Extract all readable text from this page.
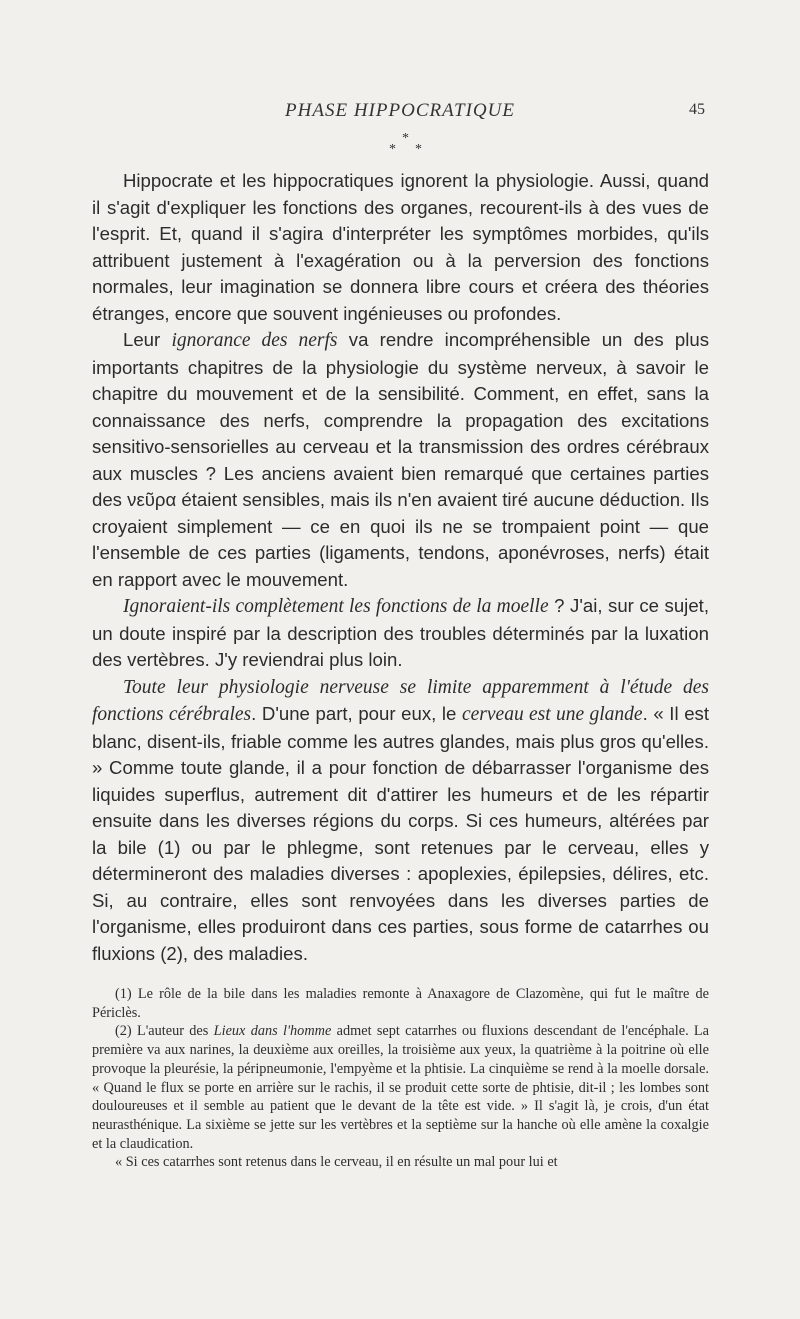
PHASE HIPPOCRATIQUE	45
*
* *

Hippocrate et les hippocratiques ignorent la physiologie. Aussi, quand il s'agit d'expliquer les fonctions des organes, recourent-ils à des vues de l'esprit. Et, quand il s'agira d'interpréter les symptômes morbides, qu'ils attribuent justement à l'exagération ou à la perversion des fonctions normales, leur imagination se donnera libre cours et créera des théories étranges, encore que souvent ingénieuses ou profondes.

Leur ignorance des nerfs va rendre incompréhensible un des plus importants chapitres de la physiologie du système nerveux, à savoir le chapitre du mouvement et de la sensibilité. Comment, en effet, sans la connaissance des nerfs, comprendre la propagation des excitations sensitivo-sensorielles au cerveau et la transmission des ordres cérébraux aux muscles ? Les anciens avaient bien remarqué que certaines parties des νεῦρα étaient sensibles, mais ils n'en avaient tiré aucune déduction. Ils croyaient simplement — ce en quoi ils ne se trompaient point — que l'ensemble de ces parties (ligaments, tendons, aponévroses, nerfs) était en rapport avec le mouvement.

Ignoraient-ils complètement les fonctions de la moelle ? J'ai, sur ce sujet, un doute inspiré par la description des troubles déterminés par la luxation des vertèbres. J'y reviendrai plus loin.

Toute leur physiologie nerveuse se limite apparemment à l'étude des fonctions cérébrales. D'une part, pour eux, le cerveau est une glande. « Il est blanc, disent-ils, friable comme les autres glandes, mais plus gros qu'elles. » Comme toute glande, il a pour fonction de débarrasser l'organisme des liquides superflus, autrement dit d'attirer les humeurs et de les répartir ensuite dans les diverses régions du corps. Si ces humeurs, altérées par la bile (1) ou par le phlegme, sont retenues par le cerveau, elles y détermineront des maladies diverses : apoplexies, épilepsies, délires, etc. Si, au contraire, elles sont renvoyées dans les diverses parties de l'organisme, elles produiront dans ces parties, sous forme de catarrhes ou fluxions (2), des maladies.

(1) Le rôle de la bile dans les maladies remonte à Anaxagore de Clazomène, qui fut le maître de Périclès.

(2) L'auteur des Lieux dans l'homme admet sept catarrhes ou fluxions descendant de l'encéphale. La première va aux narines, la deuxième aux oreilles, la troisième aux yeux, la quatrième à la poitrine où elle provoque la pleurésie, la péripneumonie, l'empyème et la phtisie. La cinquième se rend à la moelle dorsale. « Quand le flux se porte en arrière sur le rachis, il se produit cette sorte de phtisie, dit-il ; les lombes sont douloureuses et il semble au patient que le devant de la tête est vide. » Il s'agit là, je crois, d'un état neurasthénique. La sixième se jette sur les vertèbres et la septième sur la hanche où elle amène la coxalgie et la claudication.

« Si ces catarrhes sont retenus dans le cerveau, il en résulte un mal pour lui et
